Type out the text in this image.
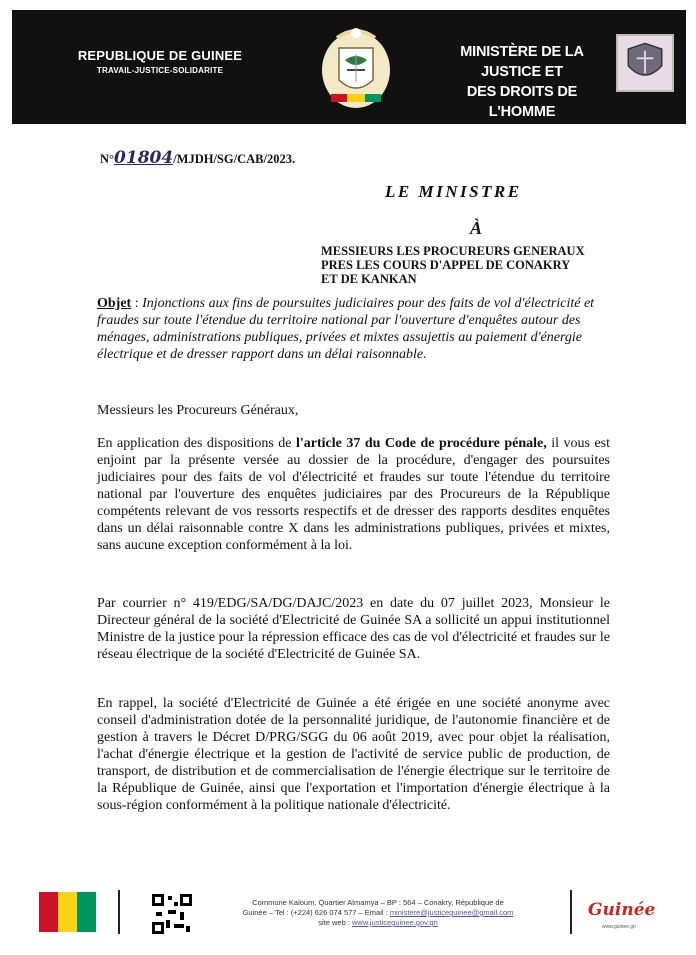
REPUBLIQUE DE GUINEE
TRAVAIL-JUSTICE-SOLIDARITE
MINISTÈRE DE LA JUSTICE ET
DES DROITS DE L'HOMME
N°01804/MJDH/SG/CAB/2023.
LE MINISTRE
À
MESSIEURS LES PROCUREURS GENERAUX
PRES LES COURS D'APPEL DE CONAKRY
ET DE KANKAN
Objet : Injonctions aux fins de poursuites judiciaires pour des faits de vol d'électricité et fraudes sur toute l'étendue du territoire national par l'ouverture d'enquêtes autour des ménages, administrations publiques, privées et mixtes assujettis au paiement d'énergie électrique et de dresser rapport dans un délai raisonnable.
Messieurs les Procureurs Généraux,
En application des dispositions de l'article 37 du Code de procédure pénale, il vous est enjoint par la présente versée au dossier de la procédure, d'engager des poursuites judiciaires pour des faits de vol d'électricité et fraudes sur toute l'étendue du territoire national par l'ouverture des enquêtes judiciaires par des Procureurs de la République compétents relevant de vos ressorts respectifs et de dresser des rapports desdites enquêtes dans un délai raisonnable contre X dans les administrations publiques, privées et mixtes, sans aucune exception conformément à la loi.
Par courrier n° 419/EDG/SA/DG/DAJC/2023 en date du 07 juillet 2023, Monsieur le Directeur général de la société d'Electricité de Guinée SA a sollicité un appui institutionnel Ministre de la justice pour la répression efficace des cas de vol d'électricité et fraudes sur le réseau électrique de la société d'Electricité de Guinée SA.
En rappel, la société d'Electricité de Guinée a été érigée en une société anonyme avec conseil d'administration dotée de la personnalité juridique, de l'autonomie financière et de gestion à travers le Décret D/PRG/SGG du 06 août 2019, avec pour objet la réalisation, l'achat d'énergie électrique et la gestion de l'activité de service public de production, de transport, de distribution et de commercialisation de l'énergie électrique sur le territoire de la République de Guinée, ainsi que l'exportation et l'importation d'énergie électrique à la sous-région conformément à la politique nationale d'électricité.
Commune Kaloum, Quartier Almamya – BP : 564 – Conakry, République de
Guinée – Tel : (+224) 626 074 577 – Email : ministere@justiceguinee@gmail.com
site web : www.justiceguinee.gov.gn
Guinée
www.guinee.gn
